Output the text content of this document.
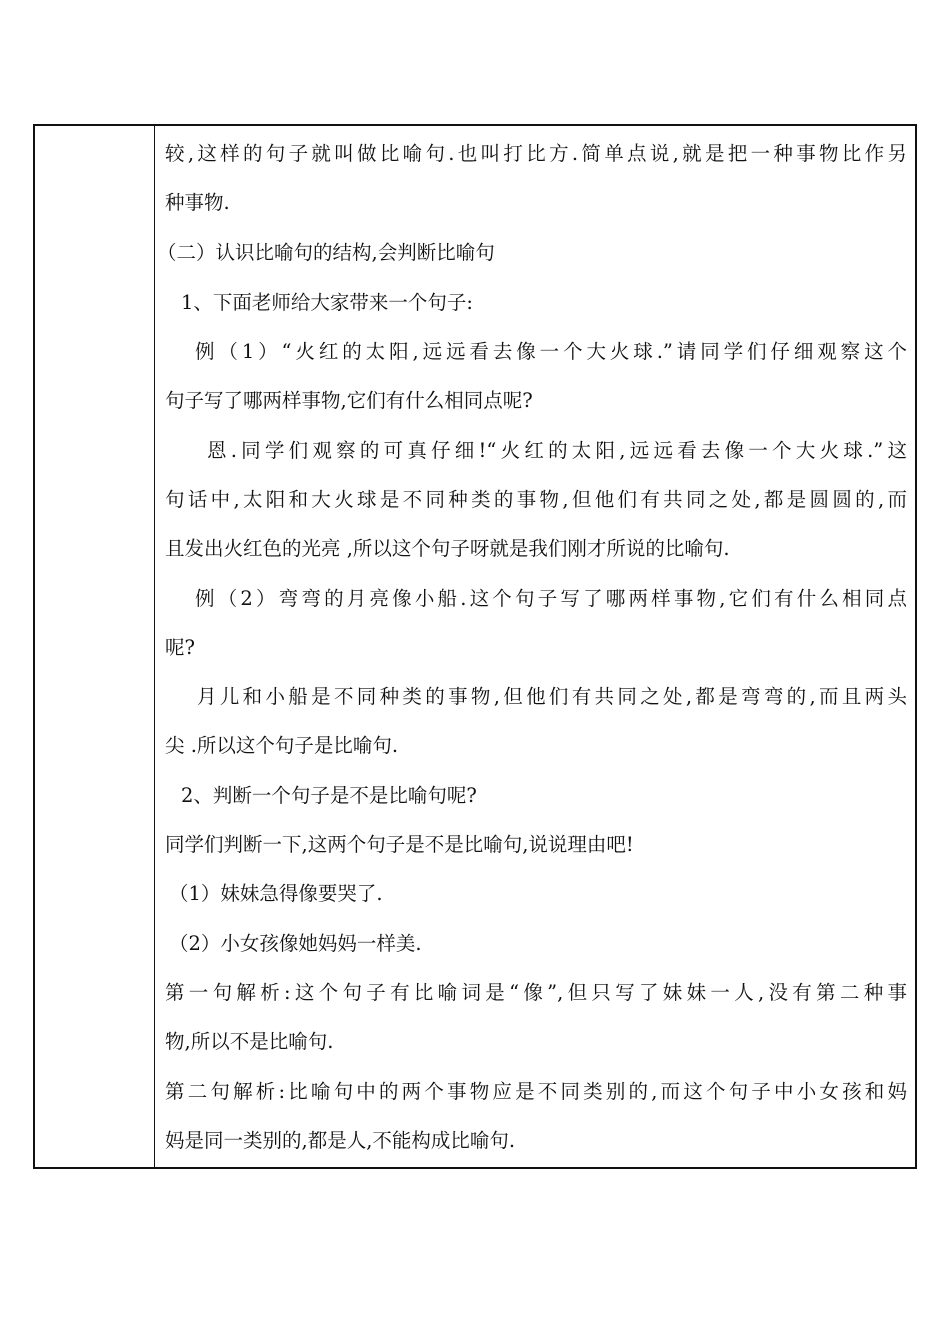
较,这样的句子就叫做比喻句.也叫打比方.简单点说,就是把一种事物比作另
种事物.
（二）认识比喻句的结构,会判断比喻句
1、下面老师给大家带来一个句子:
例（1）“火红的太阳,远远看去像一个大火球.”请同学们仔细观察这个
句子写了哪两样事物,它们有什么相同点呢?
恩.同学们观察的可真仔细!“火红的太阳,远远看去像一个大火球.”这
句话中,太阳和大火球是不同种类的事物,但他们有共同之处,都是圆圆的,而
且发出火红色的光亮 ,所以这个句子呀就是我们刚才所说的比喻句.
例（2）弯弯的月亮像小船.这个句子写了哪两样事物,它们有什么相同点
呢?
月儿和小船是不同种类的事物,但他们有共同之处,都是弯弯的,而且两头
尖 .所以这个句子是比喻句.
2、判断一个句子是不是比喻句呢?
同学们判断一下,这两个句子是不是比喻句,说说理由吧!
（1）妹妹急得像要哭了.
（2）小女孩像她妈妈一样美.
第一句解析:这个句子有比喻词是“像”,但只写了妹妹一人,没有第二种事
物,所以不是比喻句.
第二句解析:比喻句中的两个事物应是不同类别的,而这个句子中小女孩和妈
妈是同一类别的,都是人,不能构成比喻句.
